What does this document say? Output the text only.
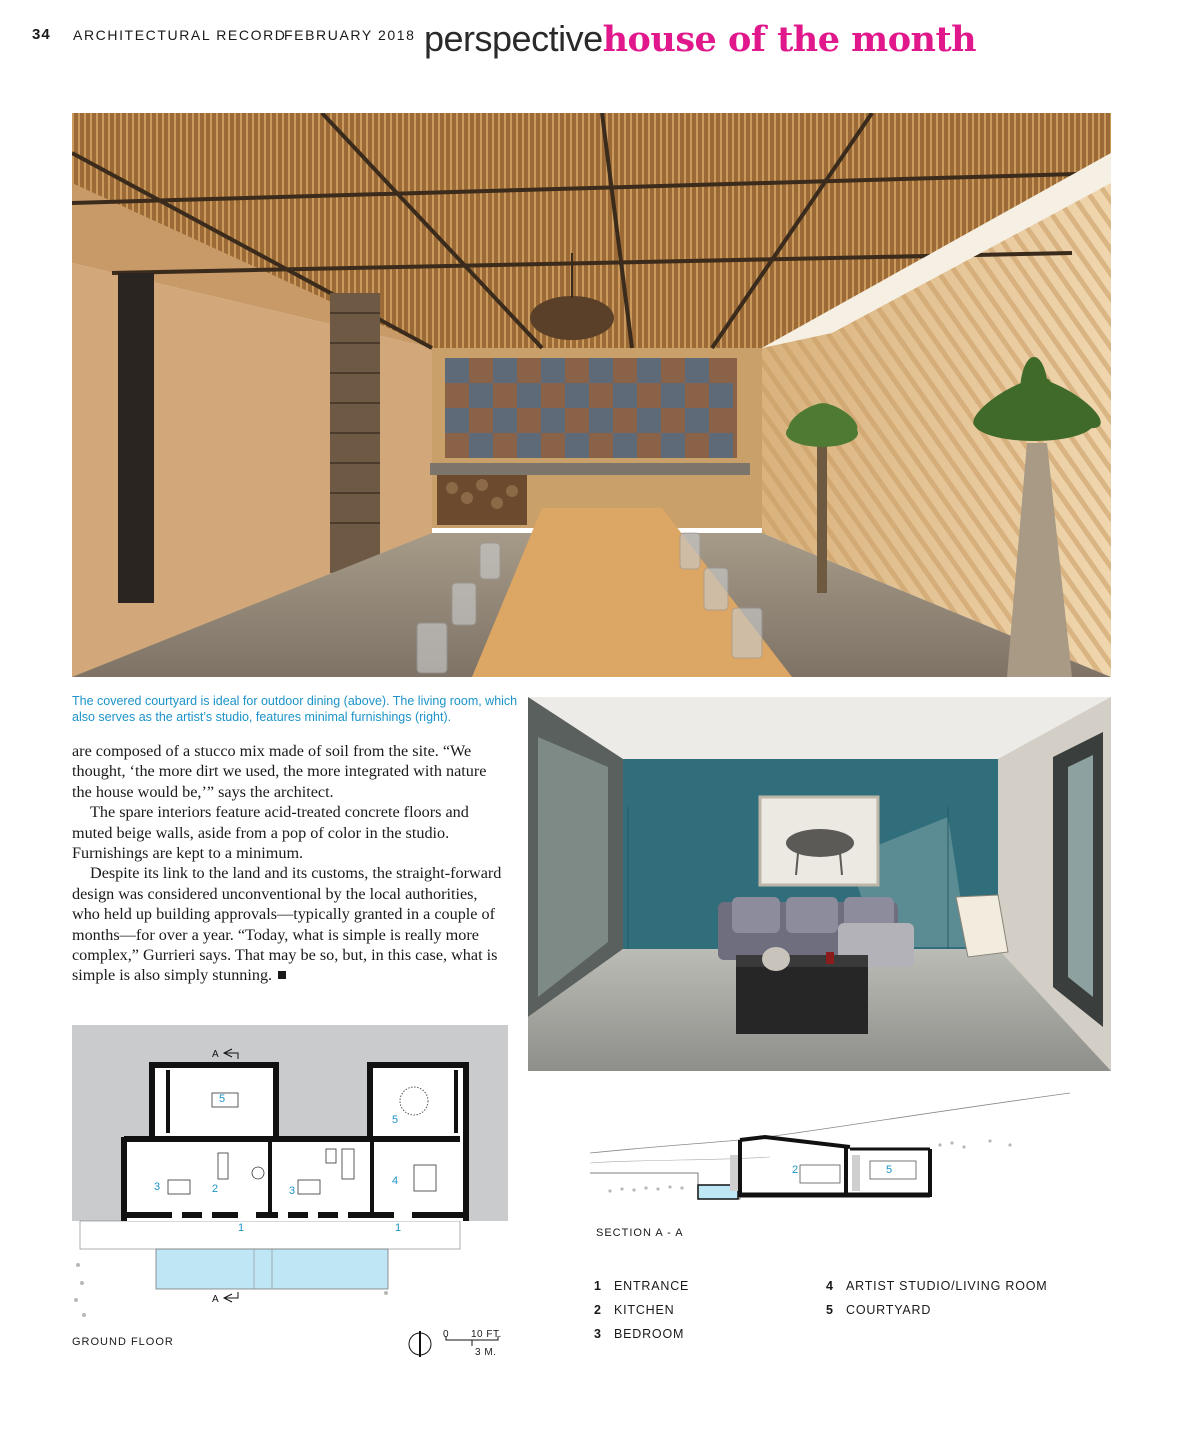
34 ARCHITECTURAL RECORD
FEBRUARY 2018 perspectivehouse of the month
The covered courtyard is ideal for outdoor dining (above). The living room, which also serves as the artist’s studio, features minimal furnishings (right).

are composed of a stucco mix made of soil from the site. “We thought, ‘the more dirt we used, the more integrated with nature the house would be,’” says the architect.

The spare interiors feature acid-treated concrete floors and muted beige walls, aside from a pop of color in the studio. Furnishings are kept to a minimum.

Despite its link to the land and its customs, the straight-forward design was considered unconventional by the local authorities, who held up building approvals—typically granted in a couple of months—for over a year. “Today, what is simple is really more complex,” Gurrieri says. That may be so, but, in this case, what is simple is also simply stunning.

5
5
3	2	3
4
1	1
A
A
GROUND FLOOR
0 10 FT.
3 M.
2	5
SECTION A - A
1 ENTRANCE
2 KITCHEN
3 BEDROOM
4 ARTIST STUDIO/LIVING ROOM
5 COURTYARD
